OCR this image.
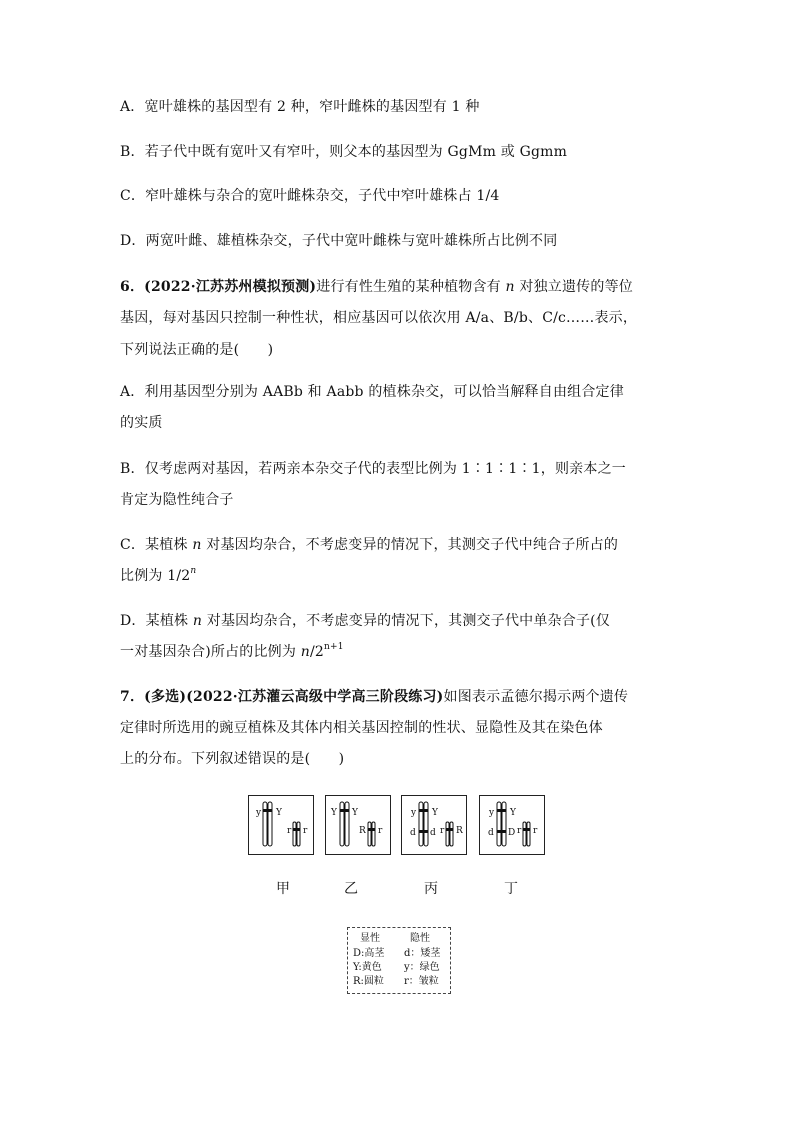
A．宽叶雄株的基因型有 2 种，窄叶雌株的基因型有 1 种
B．若子代中既有宽叶又有窄叶，则父本的基因型为 GgMm 或 Ggmm
C．窄叶雄株与杂合的宽叶雌株杂交，子代中窄叶雄株占 1/4
D．两宽叶雌、雄植株杂交，子代中宽叶雌株与宽叶雄株所占比例不同
6．(2022·江苏苏州模拟预测)进行有性生殖的某种植物含有 n 对独立遗传的等位
基因，每对基因只控制一种性状，相应基因可以依次用 A/a、B/b、C/c……表示，
下列说法正确的是(　　)
A．利用基因型分别为 AABb 和 Aabb 的植株杂交，可以恰当解释自由组合定律
的实质
B．仅考虑两对基因，若两亲本杂交子代的表型比例为 1∶1∶1∶1，则亲本之一
肯定为隐性纯合子
C．某植株 n 对基因均杂合，不考虑变异的情况下，其测交子代中纯合子所占的
比例为 1/2$^n$
D．某植株 n 对基因均杂合，不考虑变异的情况下，其测交子代中单杂合子(仅
一对基因杂合)所占的比例为 $n/2^{n+1}$
7．(多选)(2022·江苏灌云高级中学高三阶段练习)如图表示孟德尔揭示两个遗传
定律时所选用的豌豆植株及其体内相关基因控制的性状、显隐性及其在染色体
上的分布。下列叙述错误的是(　　)
y Y
r r
Y Y
R r
y Y
d d r R
y Y
d D r r
甲	乙	丙	丁
显性	隐性
D:高茎 d：矮茎
Y:黄色 y：绿色
R:圆粒 r：皱粒
